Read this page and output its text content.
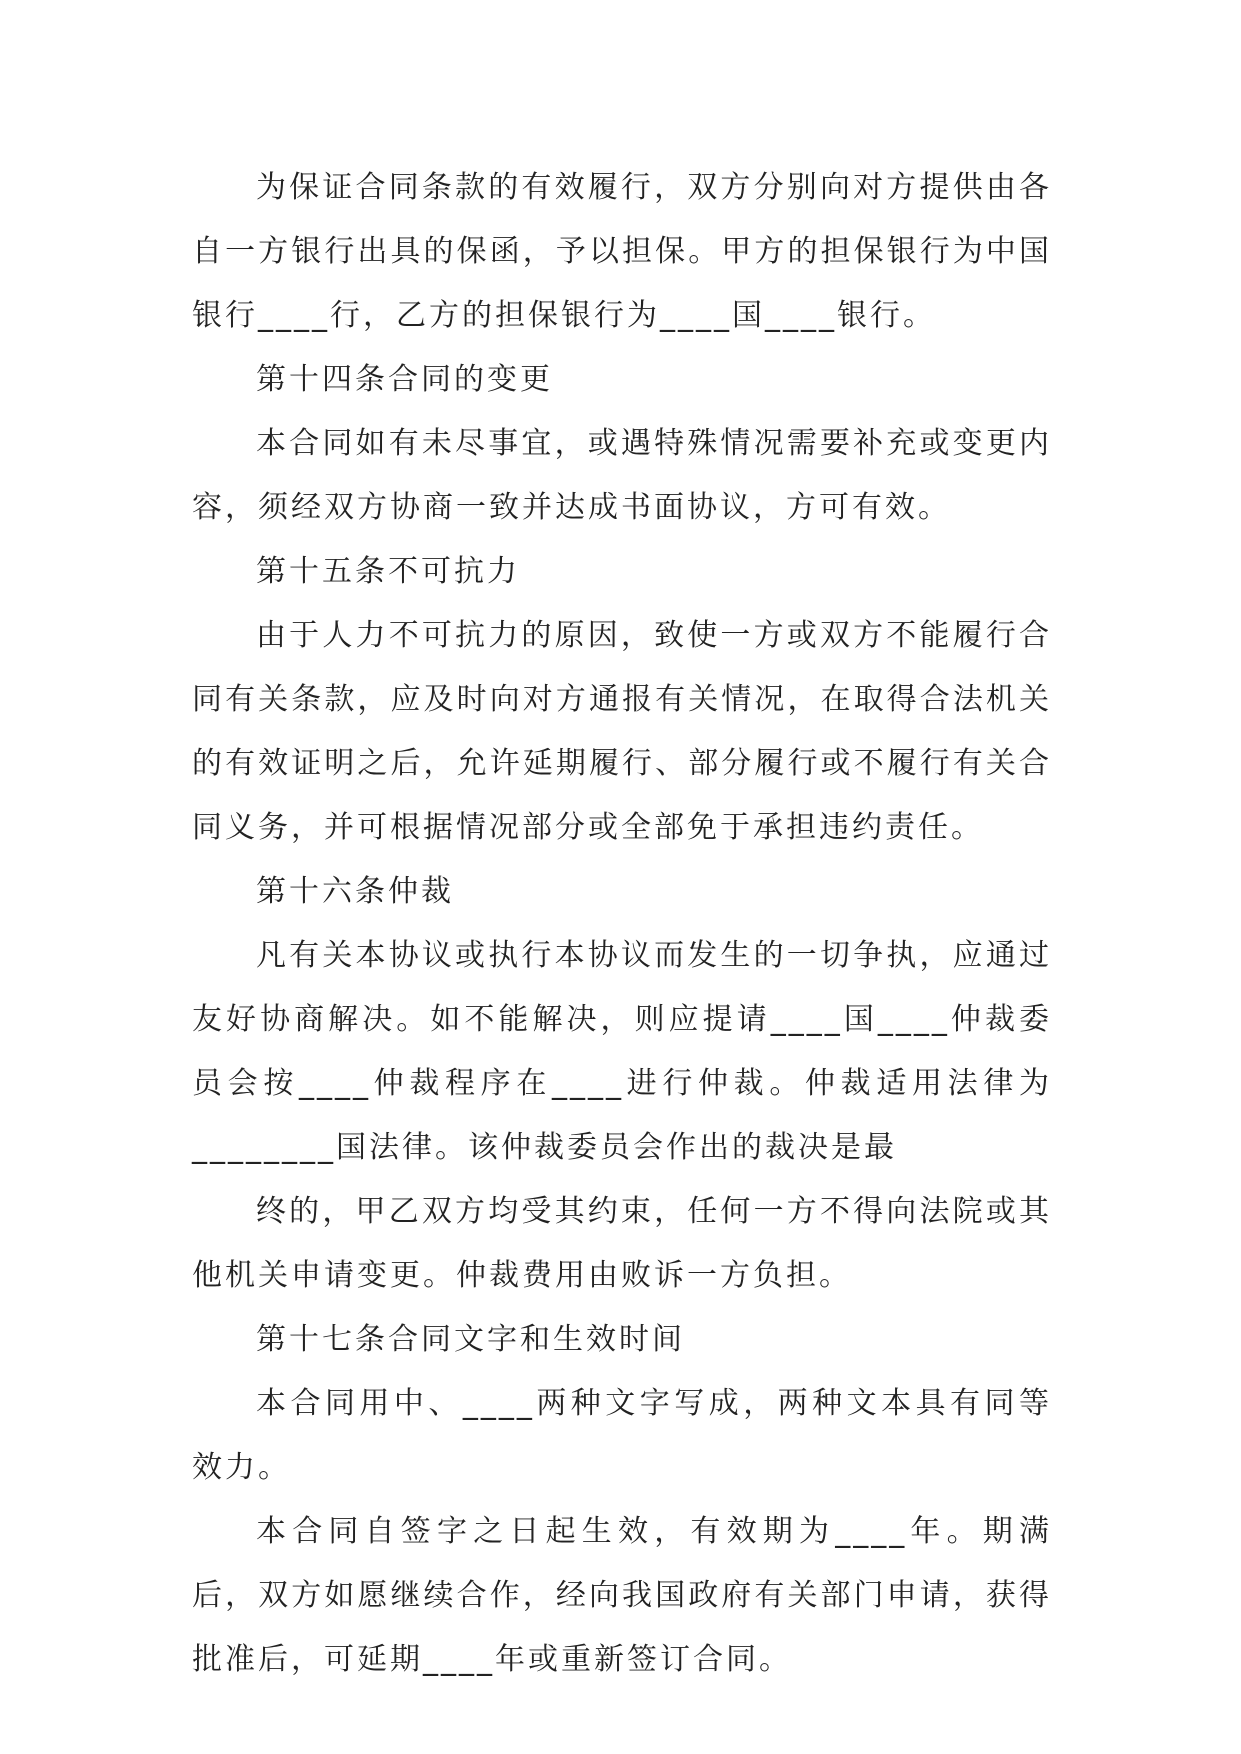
为保证合同条款的有效履行，双方分别向对方提供由各自一方银行出具的保函，予以担保。甲方的担保银行为中国银行____行，乙方的担保银行为____国____银行。

第十四条合同的变更

本合同如有未尽事宜，或遇特殊情况需要补充或变更内容，须经双方协商一致并达成书面协议，方可有效。

第十五条不可抗力

由于人力不可抗力的原因，致使一方或双方不能履行合同有关条款，应及时向对方通报有关情况，在取得合法机关的有效证明之后，允许延期履行、部分履行或不履行有关合同义务，并可根据情况部分或全部免于承担违约责任。

第十六条仲裁

凡有关本协议或执行本协议而发生的一切争执，应通过友好协商解决。如不能解决，则应提请____国____仲裁委员会按____仲裁程序在____进行仲裁。仲裁适用法律为________国法律。该仲裁委员会作出的裁决是最

终的，甲乙双方均受其约束，任何一方不得向法院或其他机关申请变更。仲裁费用由败诉一方负担。

第十七条合同文字和生效时间

本合同用中、____两种文字写成，两种文本具有同等效力。

本合同自签字之日起生效，有效期为____年。期满后，双方如愿继续合作，经向我国政府有关部门申请，获得批准后，可延期____年或重新签订合同。
